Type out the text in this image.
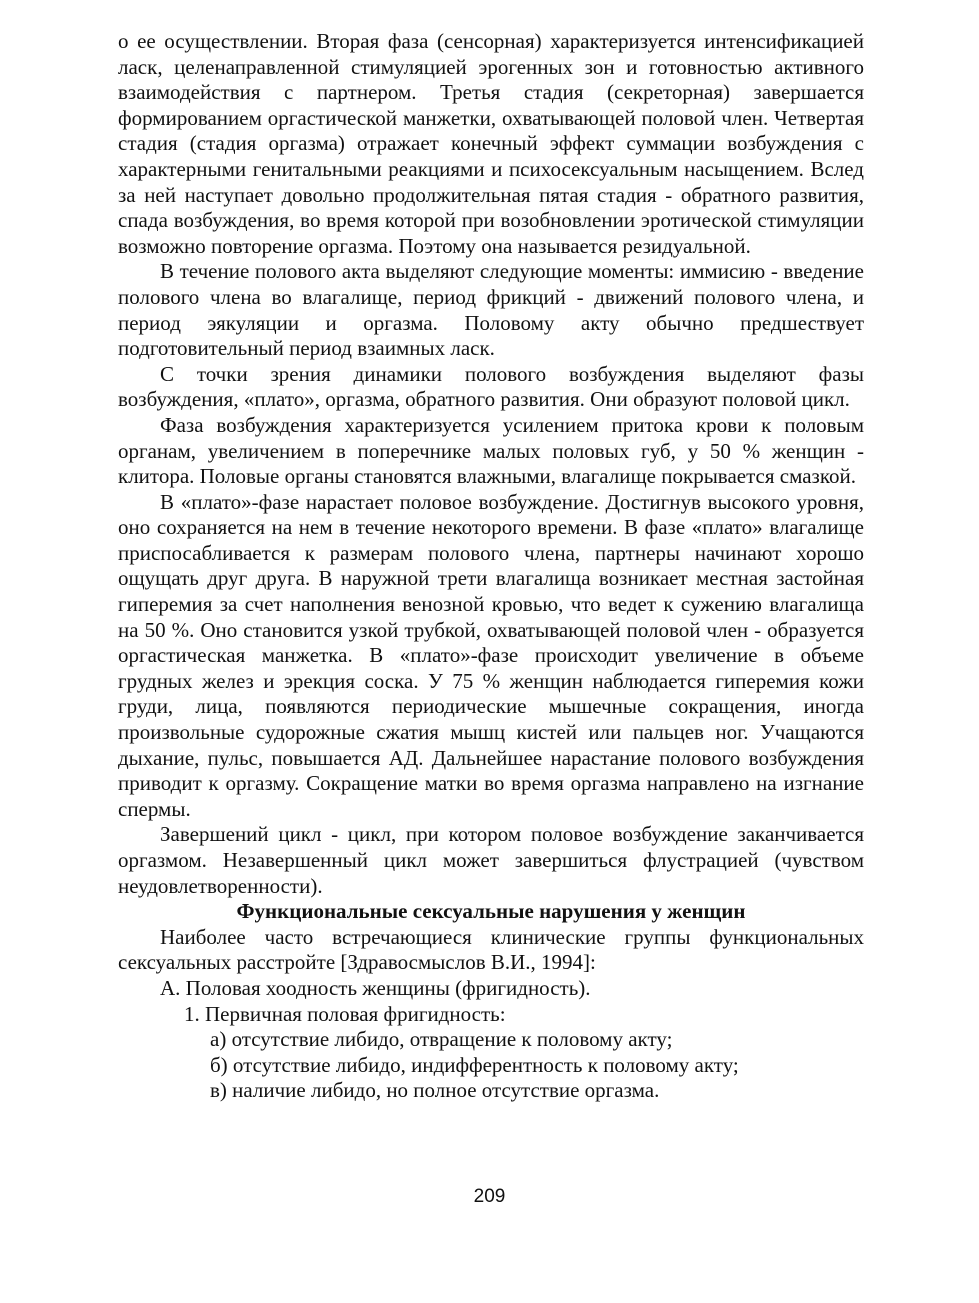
о ее осуществлении. Вторая фаза (сенсорная) характеризуется интенсификацией ласк, целенаправленной стимуляцией эрогенных зон и готовностью активного взаимодействия с партнером. Третья стадия (секреторная) завершается формированием оргастической манжетки, охватывающей половой член. Четвертая стадия (стадия оргазма) отражает конечный эффект суммации возбуждения с характерными генитальными реакциями и психосексуальным насыщением. Вслед за ней наступает довольно продолжительная пятая стадия - обратного развития, спада возбуждения, во время которой при возобновлении эротической стимуляции возможно повторение оргазма. Поэтому она называется резидуальной.

В течение полового акта выделяют следующие моменты: иммисию - введение полового члена во влагалище, период фрикций - движений полового члена, и период эякуляции и оргазма. Половому акту обычно предшествует подготовительный период взаимных ласк.

С точки зрения динамики полового возбуждения выделяют фазы возбуждения, «плато», оргазма, обратного развития. Они образуют половой цикл.

Фаза возбуждения характеризуется усилением притока крови к половым органам, увеличением в поперечнике малых половых губ, у 50 % женщин - клитора. Половые органы становятся влажными, влагалище покрывается смазкой.

В «плато»-фазе нарастает половое возбуждение. Достигнув высокого уровня, оно сохраняется на нем в течение некоторого времени. В фазе «плато» влагалище приспосабливается к размерам полового члена, партнеры начинают хорошо ощущать друг друга. В наружной трети влагалища возникает местная застойная гиперемия за счет наполнения венозной кровью, что ведет к сужению влагалища на 50 %. Оно становится узкой трубкой, охватывающей половой член - образуется оргастическая манжетка. В «плато»-фазе происходит увеличение в объеме грудных желез и эрекция соска. У 75 % женщин наблюдается гиперемия кожи груди, лица, появляются периодические мышечные сокращения, иногда произвольные судорожные сжатия мышц кистей или пальцев ног. Учащаются дыхание, пульс, повышается АД. Дальнейшее нарастание полового возбуждения приводит к оргазму. Сокращение матки во время оргазма направлено на изгнание спермы.

Завершений цикл - цикл, при котором половое возбуждение заканчивается оргазмом. Незавершенный цикл может завершиться флустрацией (чувством неудовлетворенности).

Функциональные сексуальные нарушения у женщин

Наиболее часто встречающиеся клинические группы функциональных сексуальных расстройте [Здравосмыслов В.И., 1994]:

А. Половая хоодность женщины (фригидность).

1. Первичная половая фригидность:

а) отсутствие либидо, отвращение к половому акту;

б) отсутствие либидо, индифферентность к половому акту;

в) наличие либидо, но полное отсутствие оргазма.

209
